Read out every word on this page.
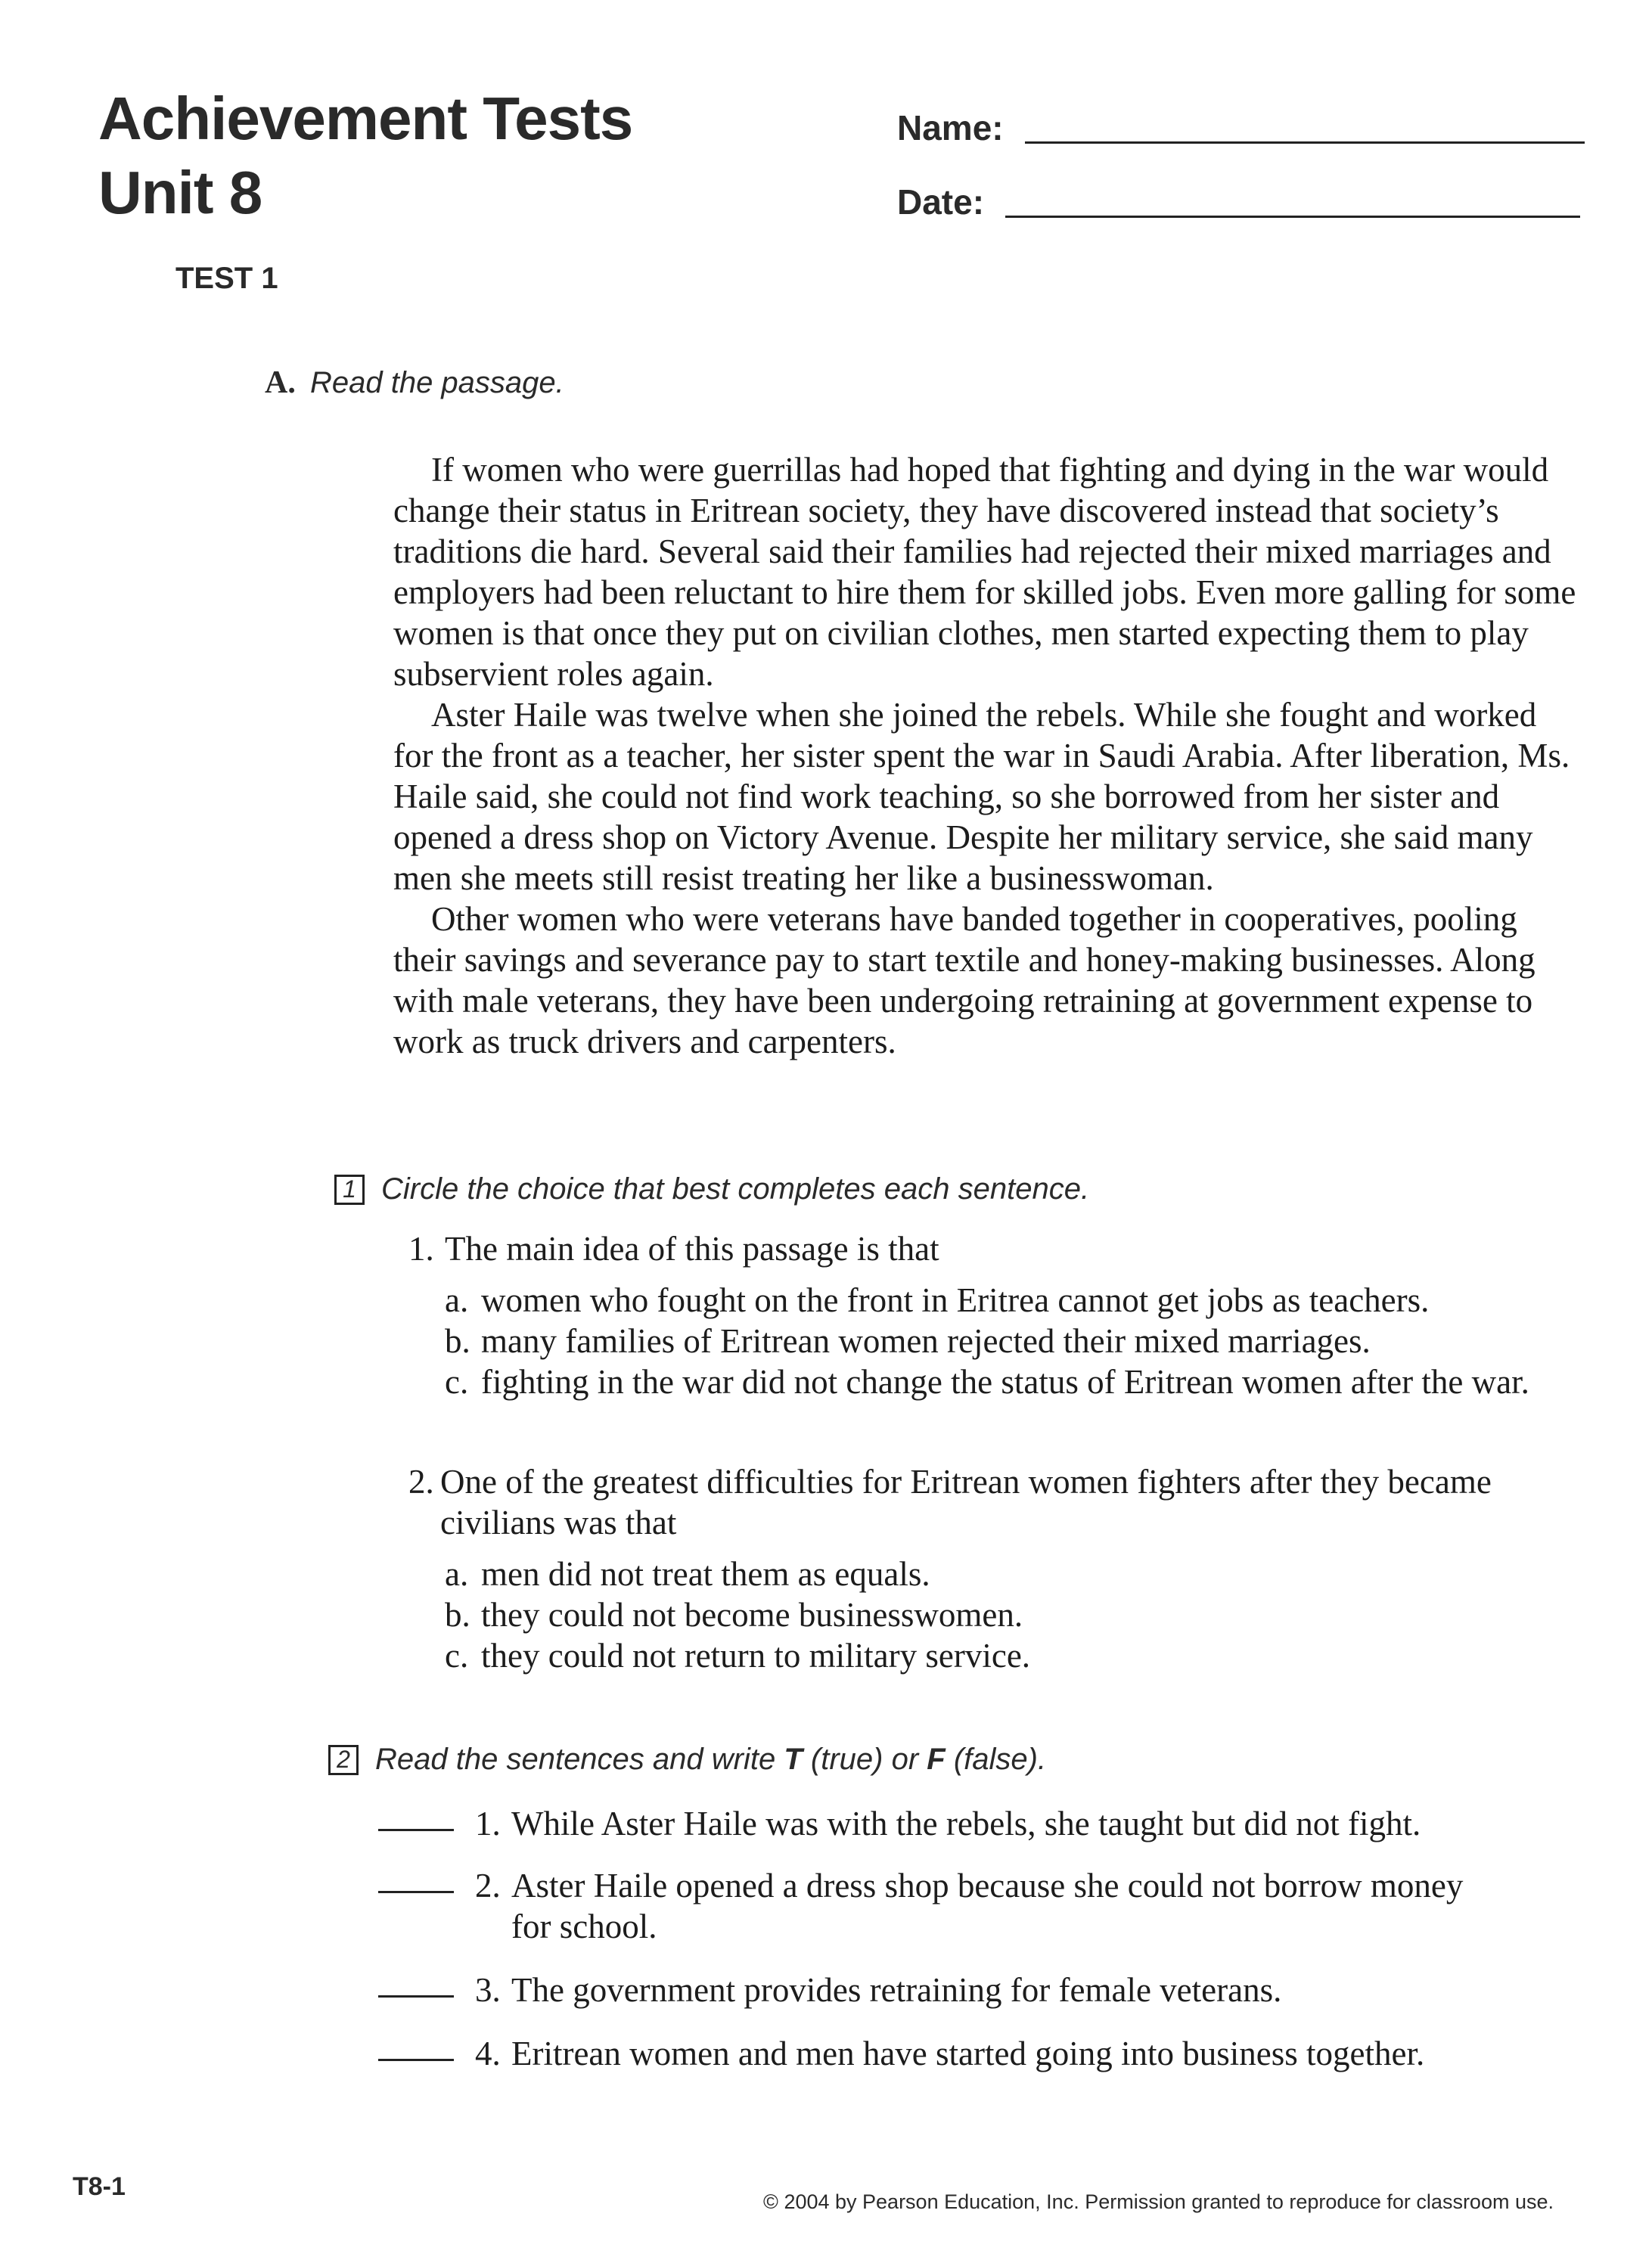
Achievement Tests
Unit 8
Name:
Date:
TEST 1
A. Read the passage.

If women who were guerrillas had hoped that fighting and dying in the war would change their status in Eritrean society, they have discovered instead that society’s traditions die hard. Several said their families had rejected their mixed marriages and employers had been reluctant to hire them for skilled jobs. Even more galling for some women is that once they put on civilian clothes, men started expecting them to play subservient roles again.

Aster Haile was twelve when she joined the rebels. While she fought and worked for the front as a teacher, her sister spent the war in Saudi Arabia. After liberation, Ms. Haile said, she could not find work teaching, so she borrowed from her sister and opened a dress shop on Victory Avenue. Despite her military service, she said many men she meets still resist treating her like a businesswoman.

Other women who were veterans have banded together in cooperatives, pooling their savings and severance pay to start textile and honey-making businesses. Along with male veterans, they have been undergoing retraining at government expense to work as truck drivers and carpenters.

1 Circle the choice that best completes each sentence.
1. The main idea of this passage is that
a. women who fought on the front in Eritrea cannot get jobs as teachers.
b. many families of Eritrean women rejected their mixed marriages.
c. fighting in the war did not change the status of Eritrean women after the war.
2. One of the greatest difficulties for Eritrean women fighters after they became civilians was that
a. men did not treat them as equals.
b. they could not become businesswomen.
c. they could not return to military service.
2 Read the sentences and write T (true) or F (false).
1. While Aster Haile was with the rebels, she taught but did not fight.
2. Aster Haile opened a dress shop because she could not borrow money for school.
3. The government provides retraining for female veterans.
4. Eritrean women and men have started going into business together.
T8-1
© 2004 by Pearson Education, Inc. Permission granted to reproduce for classroom use.
